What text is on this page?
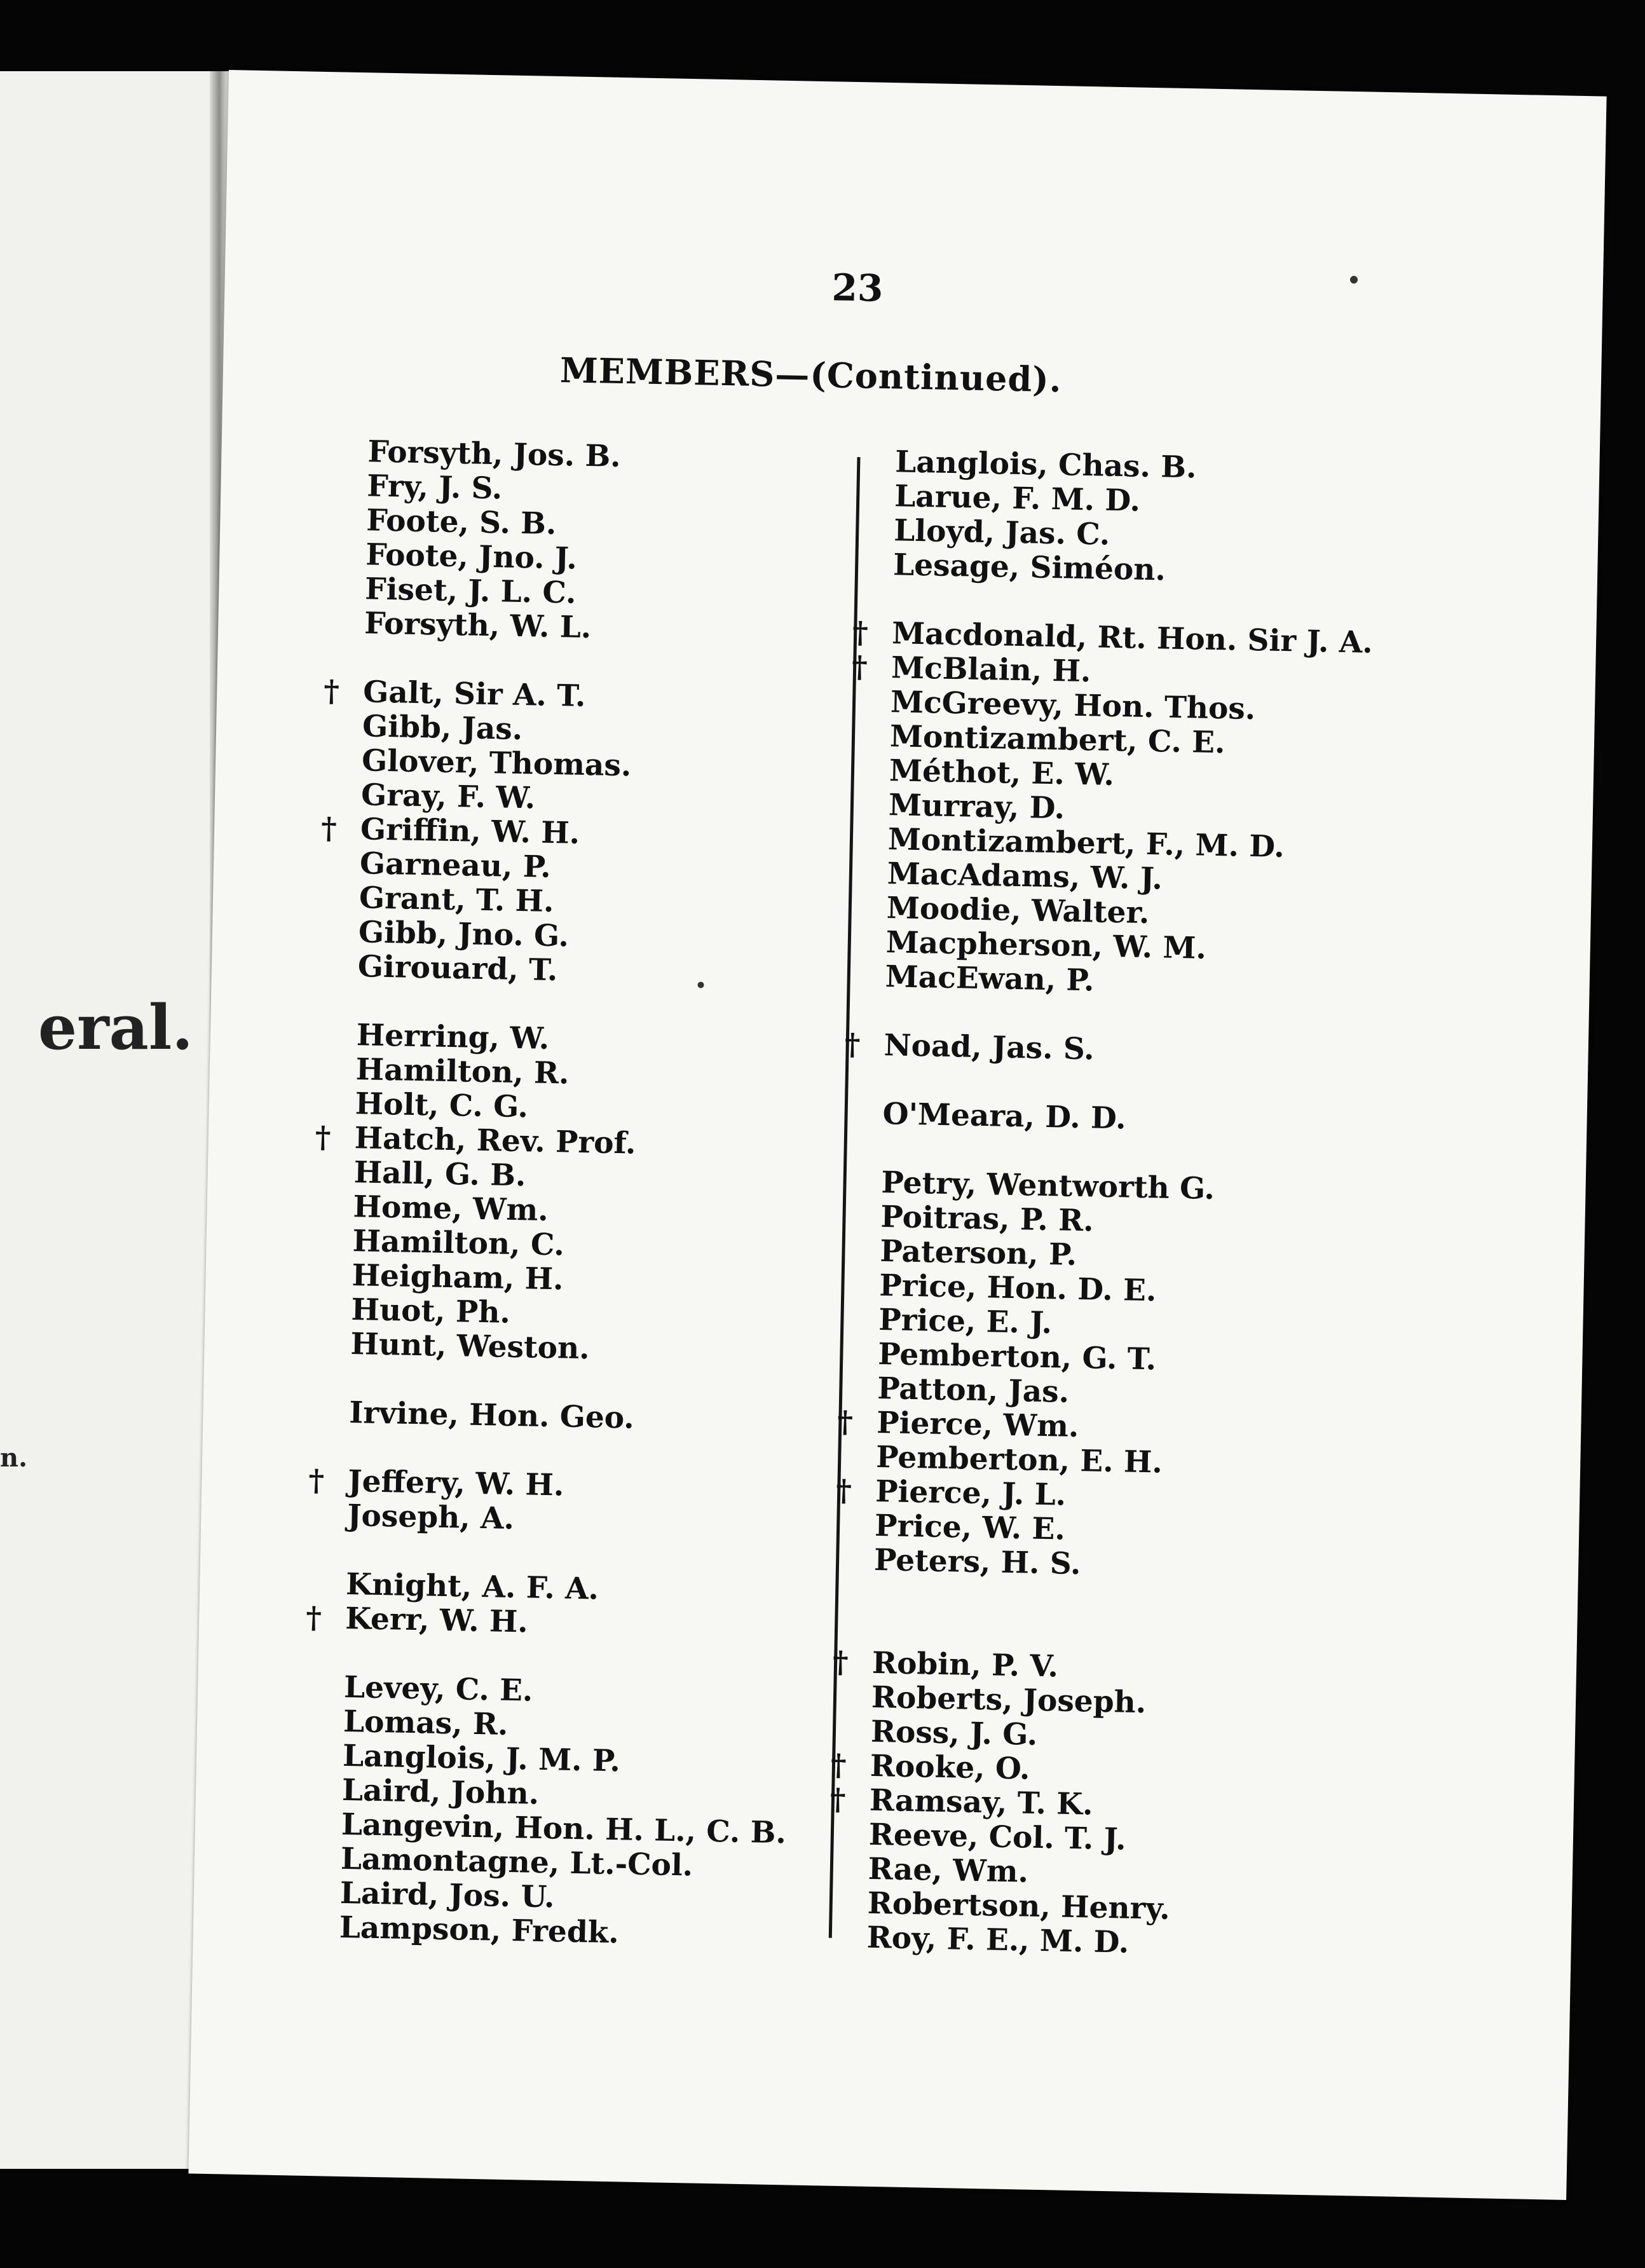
eral.
n.
23
MEMBERS—(Continued).
Forsyth, Jos. B.
Fry, J. S.
Foote, S. B.
Foote, Jno. J.
Fiset, J. L. C.
Forsyth, W. L.
† Galt, Sir A. T.
Gibb, Jas.
Glover, Thomas.
Gray, F. W.
† Griffin, W. H.
Garneau, P.
Grant, T. H.
Gibb, Jno. G.
Girouard, T.
Herring, W.
Hamilton, R.
Holt, C. G.
† Hatch, Rev. Prof.
Hall, G. B.
Home, Wm.
Hamilton, C.
Heigham, H.
Huot, Ph.
Hunt, Weston.
Irvine, Hon. Geo.
† Jeffery, W. H.
Joseph, A.
Knight, A. F. A.
† Kerr, W. H.
Levey, C. E.
Lomas, R.
Langlois, J. M. P.
Laird, John.
Langevin, Hon. H. L., C. B.
Lamontagne, Lt.-Col.
Laird, Jos. U.
Lampson, Fredk.
Langlois, Chas. B.
Larue, F. M. D.
Lloyd, Jas. C.
Lesage, Siméon.
† Macdonald, Rt. Hon. Sir J. A.
† McBlain, H.
McGreevy, Hon. Thos.
Montizambert, C. E.
Méthot, E. W.
Murray, D.
Montizambert, F., M. D.
MacAdams, W. J.
Moodie, Walter.
Macpherson, W. M.
MacEwan, P.
† Noad, Jas. S.
O'Meara, D. D.
Petry, Wentworth G.
Poitras, P. R.
Paterson, P.
Price, Hon. D. E.
Price, E. J.
Pemberton, G. T.
Patton, Jas.
† Pierce, Wm.
Pemberton, E. H.
† Pierce, J. L.
Price, W. E.
Peters, H. S.
† Robin, P. V.
Roberts, Joseph.
Ross, J. G.
† Rooke, O.
† Ramsay, T. K.
Reeve, Col. T. J.
Rae, Wm.
Robertson, Henry.
Roy, F. E., M. D.
